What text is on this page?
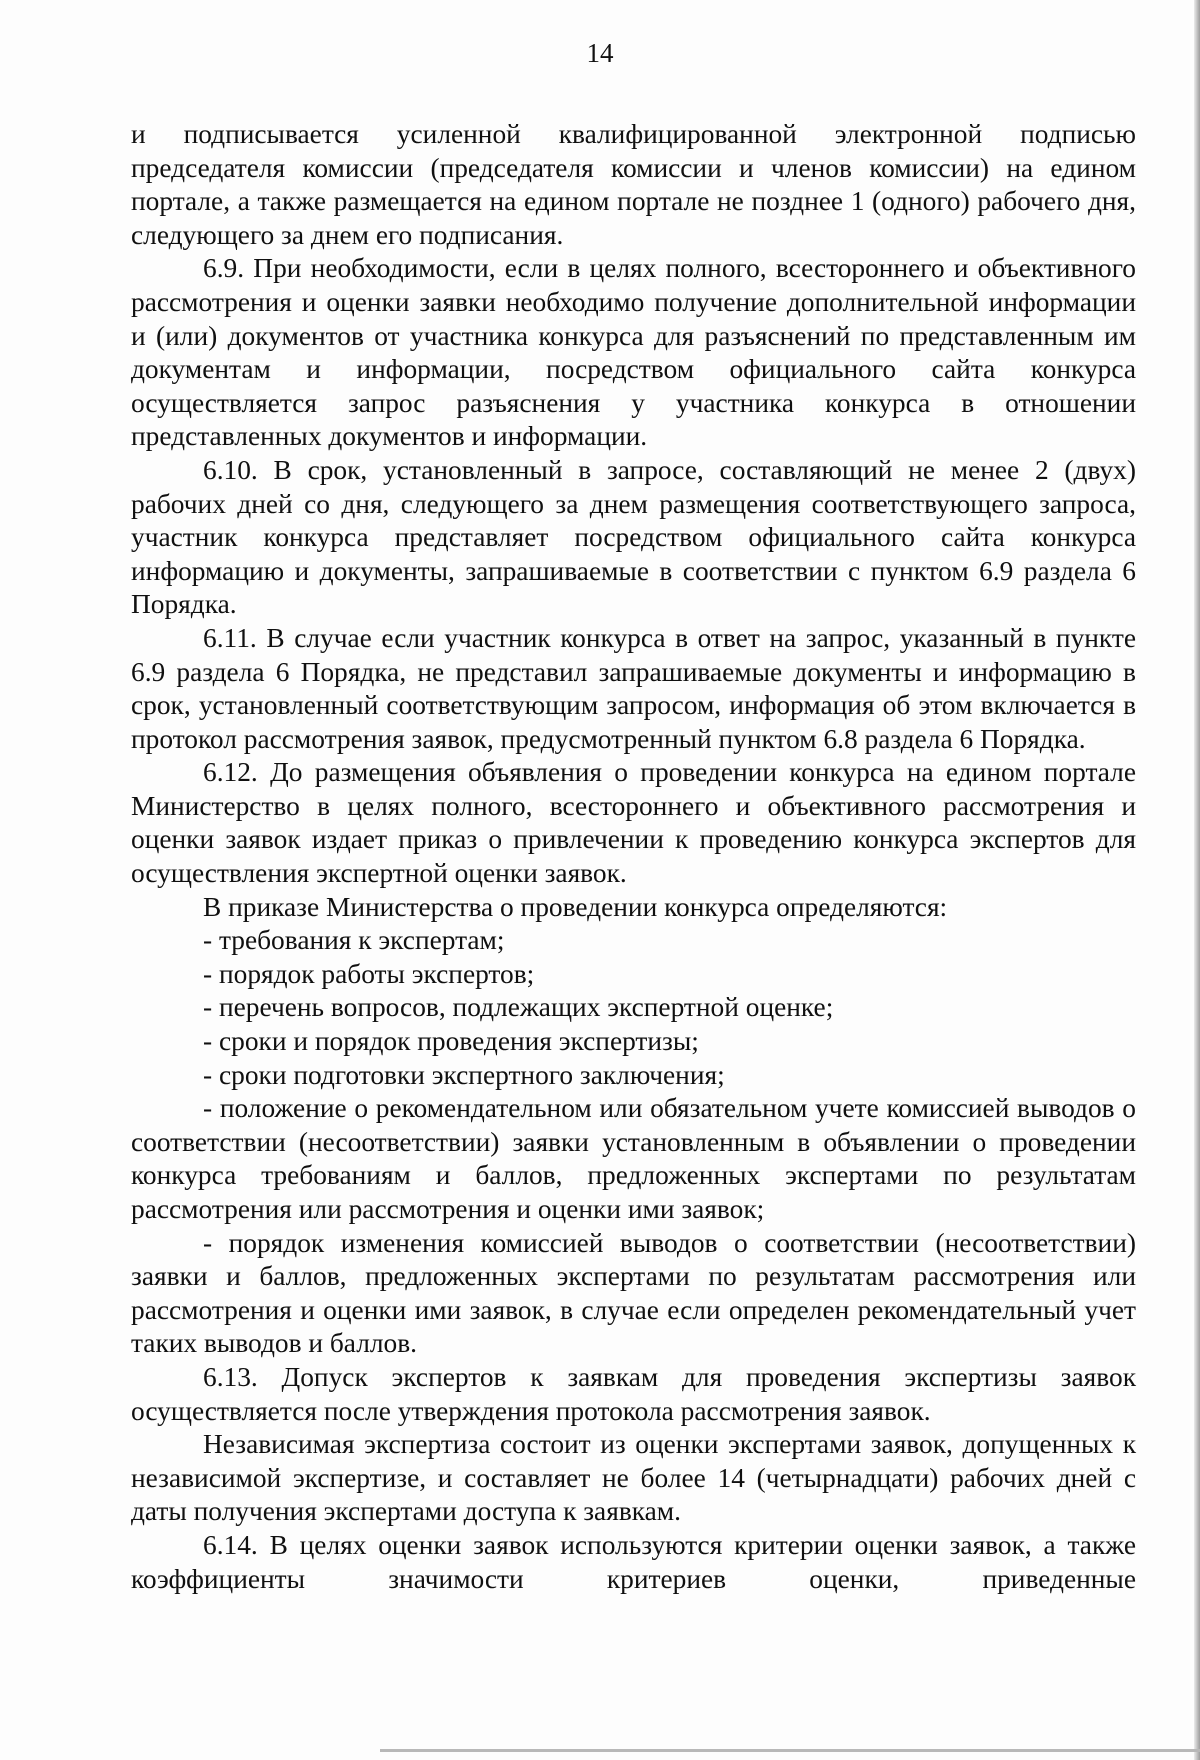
14

и подписывается усиленной квалифицированной электронной подписью председателя комиссии (председателя комиссии и членов комиссии) на едином портале, а также размещается на едином портале не позднее 1 (одного) рабочего дня, следующего за днем его подписания.

6.9. При необходимости, если в целях полного, всестороннего и объективного рассмотрения и оценки заявки необходимо получение дополнительной информации и (или) документов от участника конкурса для разъяснений по представленным им документам и информации, посредством официального сайта конкурса осуществляется запрос разъяснения у участника конкурса в отношении представленных документов и информации.

6.10. В срок, установленный в запросе, составляющий не менее 2 (двух) рабочих дней со дня, следующего за днем размещения соответствующего запроса, участник конкурса представляет посредством официального сайта конкурса информацию и документы, запрашиваемые в соответствии с пунктом 6.9 раздела 6 Порядка.

6.11. В случае если участник конкурса в ответ на запрос, указанный в пункте 6.9 раздела 6 Порядка, не представил запрашиваемые документы и информацию в срок, установленный соответствующим запросом, информация об этом включается в протокол рассмотрения заявок, предусмотренный пунктом 6.8 раздела 6 Порядка.

6.12. До размещения объявления о проведении конкурса на едином портале Министерство в целях полного, всестороннего и объективного рассмотрения и оценки заявок издает приказ о привлечении к проведению конкурса экспертов для осуществления экспертной оценки заявок.

В приказе Министерства о проведении конкурса определяются:

- требования к экспертам;

- порядок работы экспертов;

- перечень вопросов, подлежащих экспертной оценке;

- сроки и порядок проведения экспертизы;

- сроки подготовки экспертного заключения;

- положение о рекомендательном или обязательном учете комиссией выводов о соответствии (несоответствии) заявки установленным в объявлении о проведении конкурса требованиям и баллов, предложенных экспертами по результатам рассмотрения или рассмотрения и оценки ими заявок;

- порядок изменения комиссией выводов о соответствии (несоответствии) заявки и баллов, предложенных экспертами по результатам рассмотрения или рассмотрения и оценки ими заявок, в случае если определен рекомендательный учет таких выводов и баллов.

6.13. Допуск экспертов к заявкам для проведения экспертизы заявок осуществляется после утверждения протокола рассмотрения заявок.

Независимая экспертиза состоит из оценки экспертами заявок, допущенных к независимой экспертизе, и составляет не более 14 (четырнадцати) рабочих дней с даты получения экспертами доступа к заявкам.

6.14. В целях оценки заявок используются критерии оценки заявок, а также коэффициенты значимости критериев оценки, приведенные
